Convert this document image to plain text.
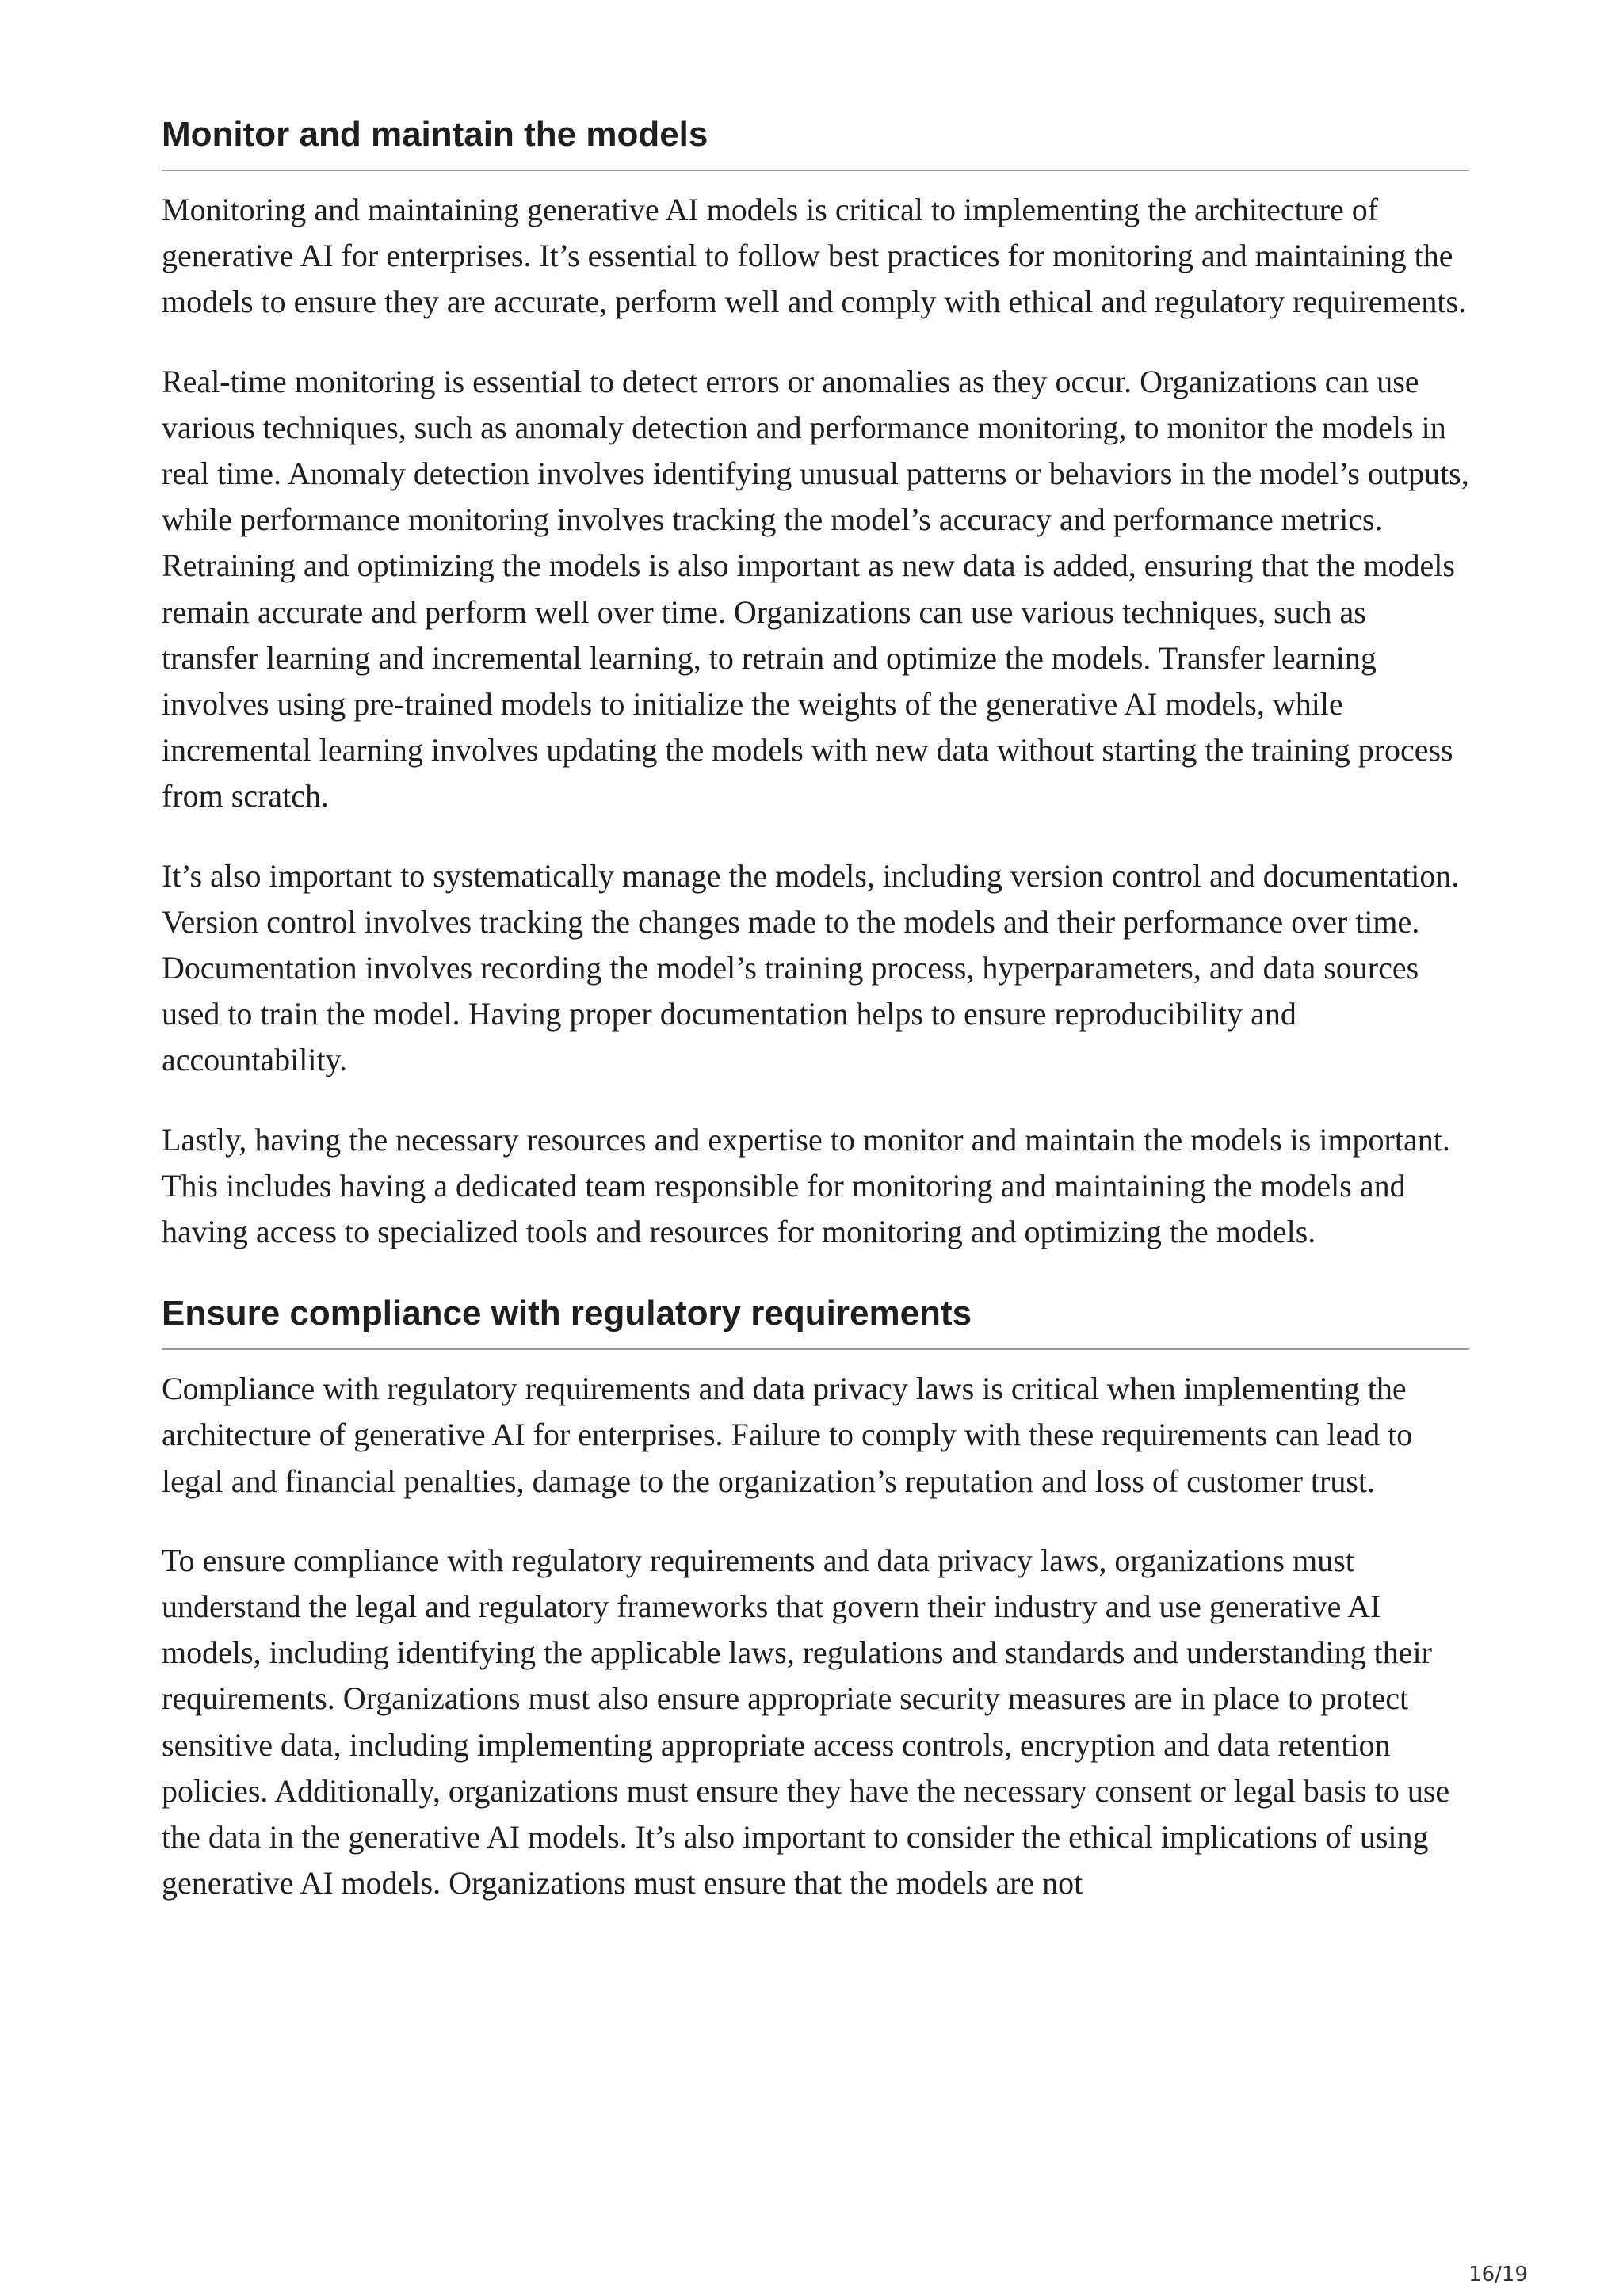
Monitor and maintain the models

Monitoring and maintaining generative AI models is critical to implementing the architecture of generative AI for enterprises. It’s essential to follow best practices for monitoring and maintaining the models to ensure they are accurate, perform well and comply with ethical and regulatory requirements.

Real-time monitoring is essential to detect errors or anomalies as they occur. Organizations can use various techniques, such as anomaly detection and performance monitoring, to monitor the models in real time. Anomaly detection involves identifying unusual patterns or behaviors in the model’s outputs, while performance monitoring involves tracking the model’s accuracy and performance metrics. Retraining and optimizing the models is also important as new data is added, ensuring that the models remain accurate and perform well over time. Organizations can use various techniques, such as transfer learning and incremental learning, to retrain and optimize the models. Transfer learning involves using pre-trained models to initialize the weights of the generative AI models, while incremental learning involves updating the models with new data without starting the training process from scratch.

It’s also important to systematically manage the models, including version control and documentation. Version control involves tracking the changes made to the models and their performance over time. Documentation involves recording the model’s training process, hyperparameters, and data sources used to train the model. Having proper documentation helps to ensure reproducibility and accountability.

Lastly, having the necessary resources and expertise to monitor and maintain the models is important. This includes having a dedicated team responsible for monitoring and maintaining the models and having access to specialized tools and resources for monitoring and optimizing the models.

Ensure compliance with regulatory requirements

Compliance with regulatory requirements and data privacy laws is critical when implementing the architecture of generative AI for enterprises. Failure to comply with these requirements can lead to legal and financial penalties, damage to the organization’s reputation and loss of customer trust.

To ensure compliance with regulatory requirements and data privacy laws, organizations must understand the legal and regulatory frameworks that govern their industry and use generative AI models, including identifying the applicable laws, regulations and standards and understanding their requirements. Organizations must also ensure appropriate security measures are in place to protect sensitive data, including implementing appropriate access controls, encryption and data retention policies. Additionally, organizations must ensure they have the necessary consent or legal basis to use the data in the generative AI models. It’s also important to consider the ethical implications of using generative AI models. Organizations must ensure that the models are not

16/19
